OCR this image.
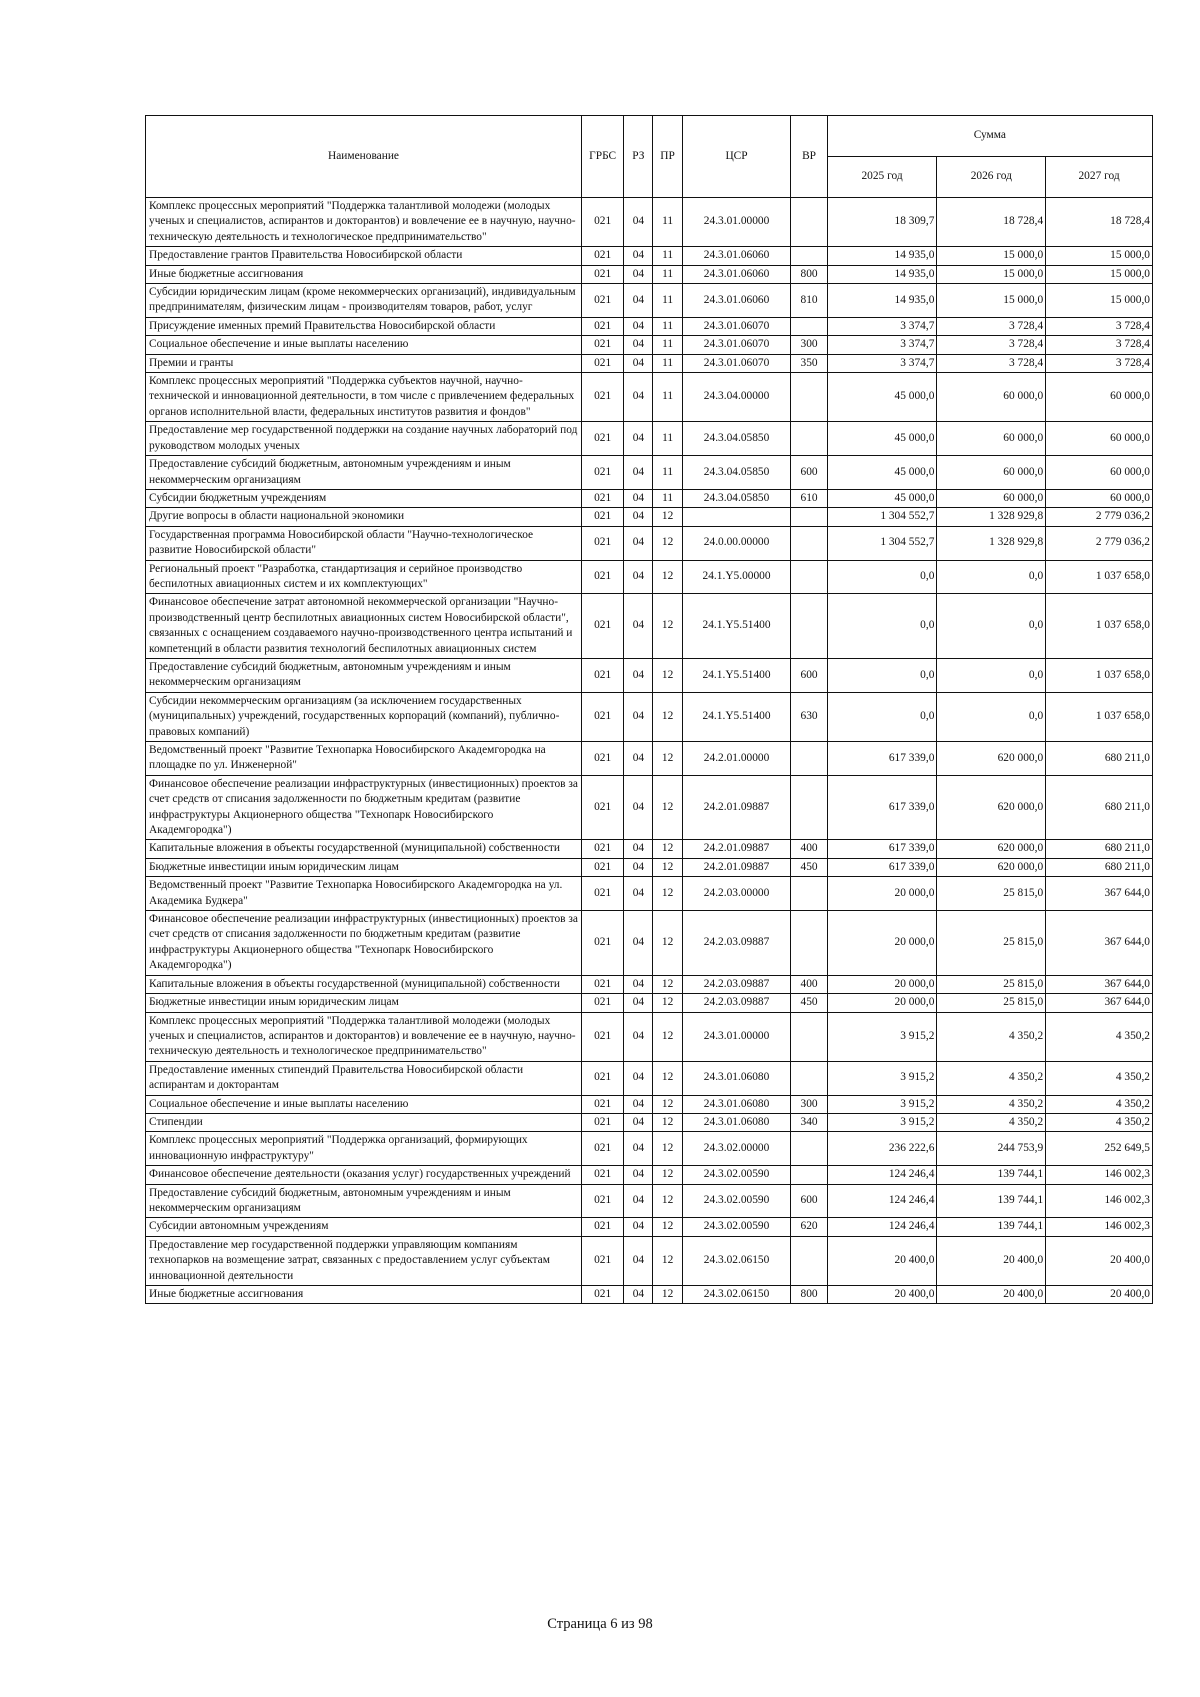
Наименование	ГРБС	РЗ	ПР	ЦСР	ВР	Сумма		
						2025 год	2026 год	2027 год
Комплекс процессных мероприятий "Поддержка талантливой молодежи (молодых ученых и специалистов, аспирантов и докторантов) и вовлечение ее в научную, научно-техническую деятельность и технологическое предпринимательство"	021	04	11	24.3.01.00000		18 309,7	18 728,4	18 728,4
Предоставление грантов Правительства Новосибирской области	021	04	11	24.3.01.06060		14 935,0	15 000,0	15 000,0
Иные бюджетные ассигнования	021	04	11	24.3.01.06060	800	14 935,0	15 000,0	15 000,0
Субсидии юридическим лицам (кроме некоммерческих организаций), индивидуальным предпринимателям, физическим лицам - производителям товаров, работ, услуг	021	04	11	24.3.01.06060	810	14 935,0	15 000,0	15 000,0
Присуждение именных премий Правительства Новосибирской области	021	04	11	24.3.01.06070		3 374,7	3 728,4	3 728,4
Социальное обеспечение и иные выплаты населению	021	04	11	24.3.01.06070	300	3 374,7	3 728,4	3 728,4
Премии и гранты	021	04	11	24.3.01.06070	350	3 374,7	3 728,4	3 728,4
Комплекс процессных мероприятий "Поддержка субъектов научной, научно-технической и инновационной деятельности, в том числе с привлечением федеральных органов исполнительной власти, федеральных институтов развития и фондов"	021	04	11	24.3.04.00000		45 000,0	60 000,0	60 000,0
Предоставление мер государственной поддержки на создание научных лабораторий под руководством молодых ученых	021	04	11	24.3.04.05850		45 000,0	60 000,0	60 000,0
Предоставление субсидий бюджетным, автономным учреждениям и иным некоммерческим организациям	021	04	11	24.3.04.05850	600	45 000,0	60 000,0	60 000,0
Субсидии бюджетным учреждениям	021	04	11	24.3.04.05850	610	45 000,0	60 000,0	60 000,0
Другие вопросы в области национальной экономики	021	04	12			1 304 552,7	1 328 929,8	2 779 036,2
Государственная программа Новосибирской области "Научно-технологическое развитие Новосибирской области"	021	04	12	24.0.00.00000		1 304 552,7	1 328 929,8	2 779 036,2
Региональный проект "Разработка, стандартизация и серийное производство беспилотных авиационных систем и их комплектующих"	021	04	12	24.1.Y5.00000		0,0	0,0	1 037 658,0
Финансовое обеспечение затрат автономной некоммерческой организации "Научно-производственный центр беспилотных авиационных систем Новосибирской области", связанных с оснащением создаваемого научно-производственного центра испытаний и компетенций в области развития технологий беспилотных авиационных систем	021	04	12	24.1.Y5.51400		0,0	0,0	1 037 658,0
Предоставление субсидий бюджетным, автономным учреждениям и иным некоммерческим организациям	021	04	12	24.1.Y5.51400	600	0,0	0,0	1 037 658,0
Субсидии некоммерческим организациям (за исключением государственных (муниципальных) учреждений, государственных корпораций (компаний), публично-правовых компаний)	021	04	12	24.1.Y5.51400	630	0,0	0,0	1 037 658,0
Ведомственный проект "Развитие Технопарка Новосибирского Академгородка на площадке по ул. Инженерной"	021	04	12	24.2.01.00000		617 339,0	620 000,0	680 211,0
Финансовое обеспечение реализации инфраструктурных (инвестиционных) проектов за счет средств от списания задолженности по бюджетным кредитам (развитие инфраструктуры Акционерного общества "Технопарк Новосибирского Академгородка")	021	04	12	24.2.01.09887		617 339,0	620 000,0	680 211,0
Капитальные вложения в объекты государственной (муниципальной) собственности	021	04	12	24.2.01.09887	400	617 339,0	620 000,0	680 211,0
Бюджетные инвестиции иным юридическим лицам	021	04	12	24.2.01.09887	450	617 339,0	620 000,0	680 211,0
Ведомственный проект "Развитие Технопарка Новосибирского Академгородка на ул. Академика Будкера"	021	04	12	24.2.03.00000		20 000,0	25 815,0	367 644,0
Финансовое обеспечение реализации инфраструктурных (инвестиционных) проектов за счет средств от списания задолженности по бюджетным кредитам (развитие инфраструктуры Акционерного общества "Технопарк Новосибирского Академгородка")	021	04	12	24.2.03.09887		20 000,0	25 815,0	367 644,0
Капитальные вложения в объекты государственной (муниципальной) собственности	021	04	12	24.2.03.09887	400	20 000,0	25 815,0	367 644,0
Бюджетные инвестиции иным юридическим лицам	021	04	12	24.2.03.09887	450	20 000,0	25 815,0	367 644,0
Комплекс процессных мероприятий "Поддержка талантливой молодежи (молодых ученых и специалистов, аспирантов и докторантов) и вовлечение ее в научную, научно-техническую деятельность и технологическое предпринимательство"	021	04	12	24.3.01.00000		3 915,2	4 350,2	4 350,2
Предоставление именных стипендий Правительства Новосибирской области аспирантам и докторантам	021	04	12	24.3.01.06080		3 915,2	4 350,2	4 350,2
Социальное обеспечение и иные выплаты населению	021	04	12	24.3.01.06080	300	3 915,2	4 350,2	4 350,2
Стипендии	021	04	12	24.3.01.06080	340	3 915,2	4 350,2	4 350,2
Комплекс процессных мероприятий "Поддержка организаций, формирующих инновационную инфраструктуру"	021	04	12	24.3.02.00000		236 222,6	244 753,9	252 649,5
Финансовое обеспечение деятельности (оказания услуг) государственных учреждений	021	04	12	24.3.02.00590		124 246,4	139 744,1	146 002,3
Предоставление субсидий бюджетным, автономным учреждениям и иным некоммерческим организациям	021	04	12	24.3.02.00590	600	124 246,4	139 744,1	146 002,3
Субсидии автономным учреждениям	021	04	12	24.3.02.00590	620	124 246,4	139 744,1	146 002,3
Предоставление мер государственной поддержки управляющим компаниям технопарков на возмещение затрат, связанных с предоставлением услуг субъектам инновационной деятельности	021	04	12	24.3.02.06150		20 400,0	20 400,0	20 400,0
Иные бюджетные ассигнования	021	04	12	24.3.02.06150	800	20 400,0	20 400,0	20 400,0
Страница 6 из 98
